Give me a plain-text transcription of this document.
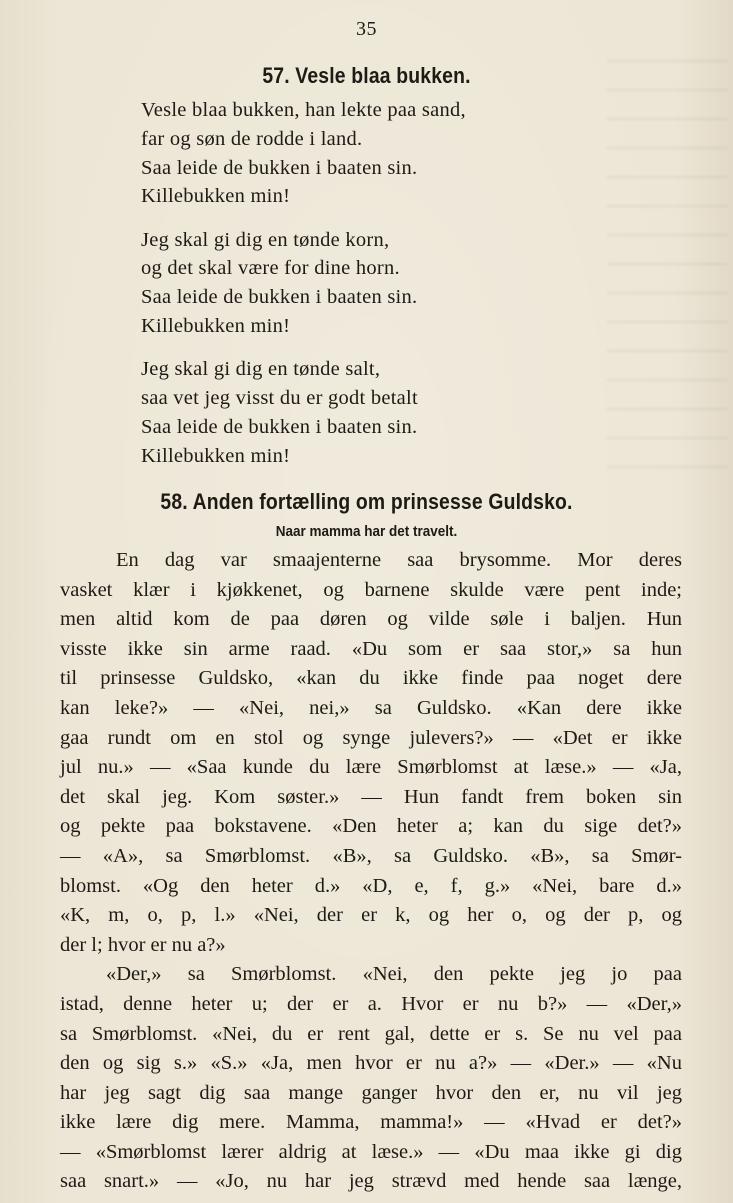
35
57. Vesle blaa bukken.
Vesle blaa bukken, han lekte paa sand,
far og søn de rodde i land.
Saa leide de bukken i baaten sin.
Killebukken min!
Jeg skal gi dig en tønde korn,
og det skal være for dine horn.
Saa leide de bukken i baaten sin.
Killebukken min!
Jeg skal gi dig en tønde salt,
saa vet jeg visst du er godt betalt
Saa leide de bukken i baaten sin.
Killebukken min!
58. Anden fortælling om prinsesse Guldsko.
Naar mamma har det travelt.
En dag var smaajenterne saa brysomme. Mor deres
vasket klær i kjøkkenet, og barnene skulde være pent inde;
men altid kom de paa døren og vilde søle i baljen. Hun
visste ikke sin arme raad. «Du som er saa stor,» sa hun
til prinsesse Guldsko, «kan du ikke finde paa noget dere
kan leke?» — «Nei, nei,» sa Guldsko. «Kan dere ikke
gaa rundt om en stol og synge julevers?» — «Det er ikke
jul nu.» — «Saa kunde du lære Smørblomst at læse.» — «Ja,
det skal jeg. Kom søster.» — Hun fandt frem boken sin
og pekte paa bokstavene. «Den heter a; kan du sige det?»
— «A», sa Smørblomst. «B», sa Guldsko. «B», sa Smør-
blomst. «Og den heter d.» «D, e, f, g.» «Nei, bare d.»
«K, m, o, p, l.» «Nei, der er k, og her o, og der p, og
der l; hvor er nu a?»
«Der,» sa Smørblomst. «Nei, den pekte jeg jo paa
istad, denne heter u; der er a. Hvor er nu b?» — «Der,»
sa Smørblomst. «Nei, du er rent gal, dette er s. Se nu vel paa
den og sig s.» «S.» «Ja, men hvor er nu a?» — «Der.» — «Nu
har jeg sagt dig saa mange ganger hvor den er, nu vil jeg
ikke lære dig mere. Mamma, mamma!» — «Hvad er det?»
— «Smørblomst lærer aldrig at læse.» — «Du maa ikke gi dig
saa snart.» — «Jo, nu har jeg strævd med hende saa længe,
